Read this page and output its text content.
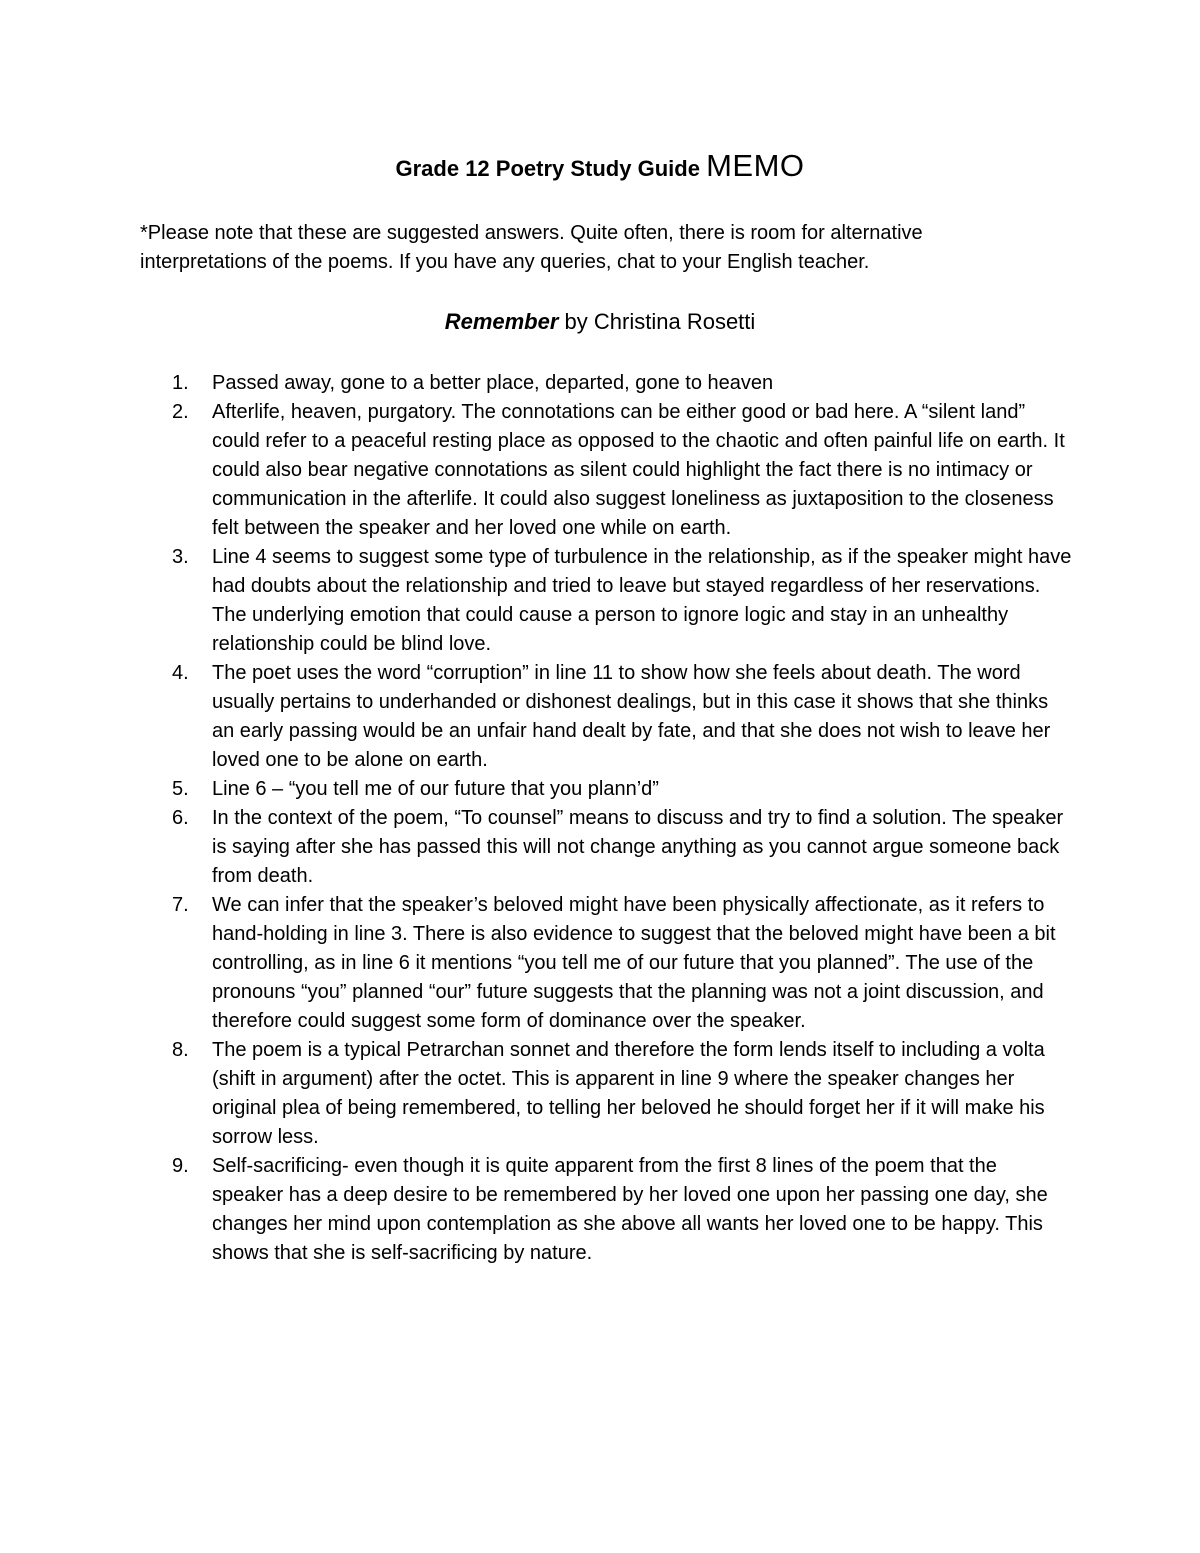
Grade 12 Poetry Study Guide MEMO
*Please note that these are suggested answers. Quite often, there is room for alternative interpretations of the poems. If you have any queries, chat to your English teacher.
Remember by Christina Rosetti
1.	Passed away, gone to a better place, departed, gone to heaven
2.	Afterlife, heaven, purgatory. The connotations can be either good or bad here. A “silent land” could refer to a peaceful resting place as opposed to the chaotic and often painful life on earth. It could also bear negative connotations as silent could highlight the fact there is no intimacy or communication in the afterlife. It could also suggest loneliness as juxtaposition to the closeness felt between the speaker and her loved one while on earth.
3.	Line 4 seems to suggest some type of turbulence in the relationship, as if the speaker might have had doubts about the relationship and tried to leave but stayed regardless of her reservations. The underlying emotion that could cause a person to ignore logic and stay in an unhealthy relationship could be blind love.
4.	The poet uses the word “corruption” in line 11 to show how she feels about death. The word usually pertains to underhanded or dishonest dealings, but in this case it shows that she thinks an early passing would be an unfair hand dealt by fate, and that she does not wish to leave her loved one to be alone on earth.
5.	Line 6 – “you tell me of our future that you plann’d”
6.	In the context of the poem, “To counsel” means to discuss and try to find a solution. The speaker is saying after she has passed this will not change anything as you cannot argue someone back from death.
7.	We can infer that the speaker’s beloved might have been physically affectionate, as it refers to hand-holding in line 3. There is also evidence to suggest that the beloved might have been a bit controlling, as in line 6 it mentions “you tell me of our future that you planned”. The use of the pronouns “you” planned “our” future suggests that the planning was not a joint discussion, and therefore could suggest some form of dominance over the speaker.
8.	The poem is a typical Petrarchan sonnet and therefore the form lends itself to including a volta (shift in argument) after the octet. This is apparent in line 9 where the speaker changes her original plea of being remembered, to telling her beloved he should forget her if it will make his sorrow less.
9.	Self-sacrificing- even though it is quite apparent from the first 8 lines of the poem that the speaker has a deep desire to be remembered by her loved one upon her passing one day, she changes her mind upon contemplation as she above all wants her loved one to be happy. This shows that she is self-sacrificing by nature.
